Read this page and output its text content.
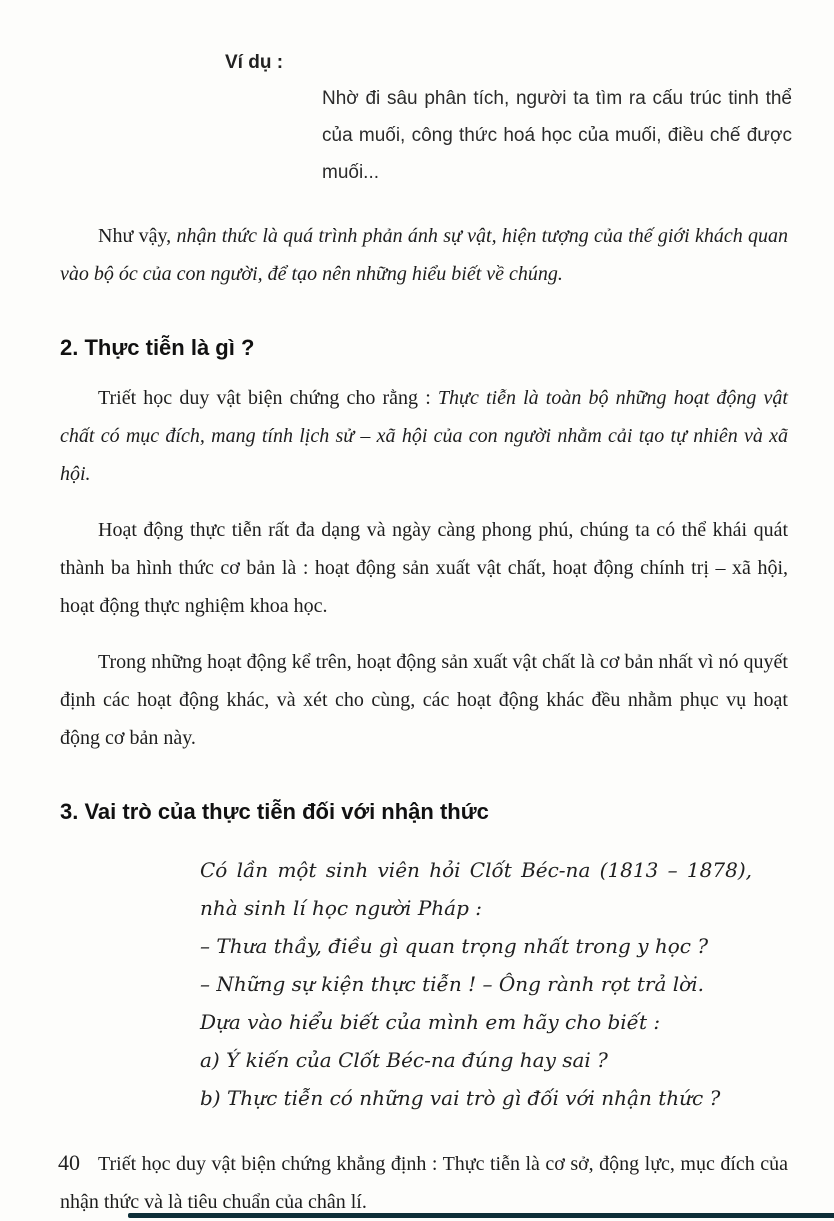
Ví dụ :
Nhờ đi sâu phân tích, người ta tìm ra cấu trúc tinh thể của muối, công thức hoá học của muối, điều chế được muối...

Như vậy, nhận thức là quá trình phản ánh sự vật, hiện tượng của thế giới khách quan vào bộ óc của con người, để tạo nên những hiểu biết về chúng.

2. Thực tiễn là gì ?

Triết học duy vật biện chứng cho rằng : Thực tiễn là toàn bộ những hoạt động vật chất có mục đích, mang tính lịch sử – xã hội của con người nhằm cải tạo tự nhiên và xã hội.

Hoạt động thực tiễn rất đa dạng và ngày càng phong phú, chúng ta có thể khái quát thành ba hình thức cơ bản là : hoạt động sản xuất vật chất, hoạt động chính trị – xã hội, hoạt động thực nghiệm khoa học.

Trong những hoạt động kể trên, hoạt động sản xuất vật chất là cơ bản nhất vì nó quyết định các hoạt động khác, và xét cho cùng, các hoạt động khác đều nhằm phục vụ hoạt động cơ bản này.

3. Vai trò của thực tiễn đối với nhận thức

Có lần một sinh viên hỏi Clốt Béc-na (1813 – 1878), nhà sinh lí học người Pháp :

– Thưa thầy, điều gì quan trọng nhất trong y học ?

– Những sự kiện thực tiễn ! – Ông rành rọt trả lời.

Dựa vào hiểu biết của mình em hãy cho biết :

a) Ý kiến của Clốt Béc-na đúng hay sai ?

b) Thực tiễn có những vai trò gì đối với nhận thức ?

Triết học duy vật biện chứng khẳng định : Thực tiễn là cơ sở, động lực, mục đích của nhận thức và là tiêu chuẩn của chân lí.

40
